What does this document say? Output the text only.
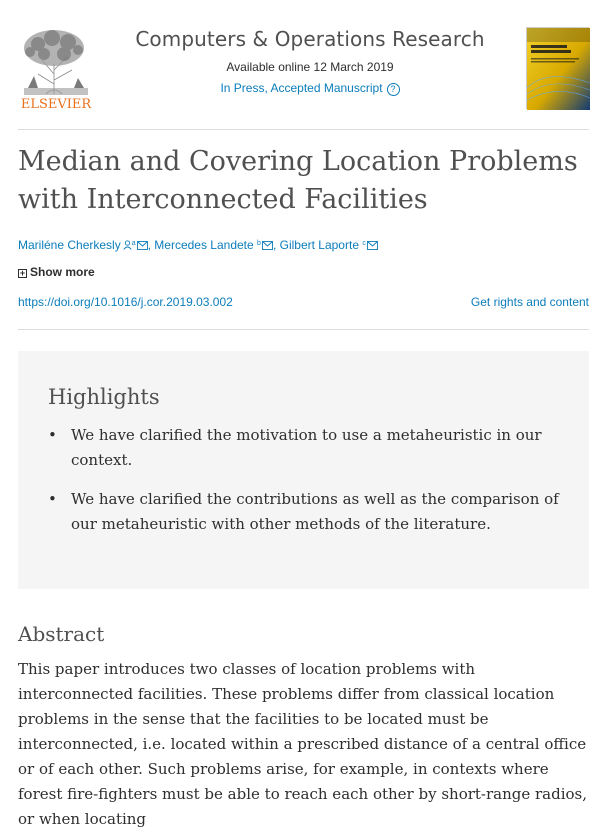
ELSEVIER
Computers & Operations Research
Available online 12 March 2019
In Press, Accepted Manuscript ?
Median and Covering Location Problems with Interconnected Facilities
Mariléne Cherkesly $^a$ , Mercedes Landete $^b$ , Gilbert Laporte $^c$
+ Show more
https://doi.org/10.1016/j.cor.2019.03.002	Get rights and content
Highlights
• We have clarified the motivation to use a metaheuristic in our context.
• We have clarified the contributions as well as the comparison of our metaheuristic with other methods of the literature.
Abstract

This paper introduces two classes of location problems with interconnected facilities. These problems differ from classical location problems in the sense that the facilities to be located must be interconnected, i.e. located within a prescribed distance of a central office or of each other. Such problems arise, for example, in contexts where forest fire-fighters must be able to reach each other by short-range radios, or when locating
